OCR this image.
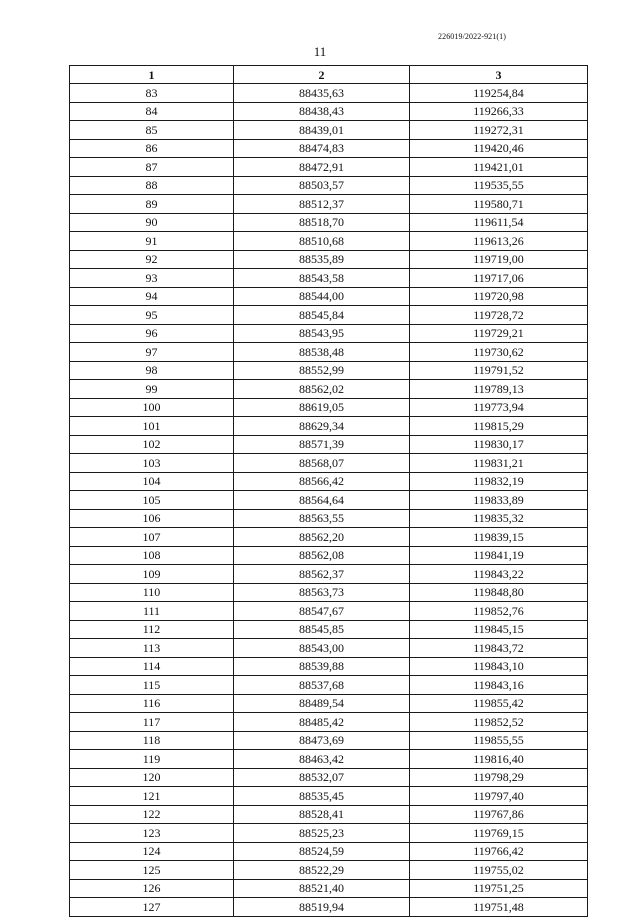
226019/2022-921(1)
11
1	2	3
83	88435,63	119254,84
84	88438,43	119266,33
85	88439,01	119272,31
86	88474,83	119420,46
87	88472,91	119421,01
88	88503,57	119535,55
89	88512,37	119580,71
90	88518,70	119611,54
91	88510,68	119613,26
92	88535,89	119719,00
93	88543,58	119717,06
94	88544,00	119720,98
95	88545,84	119728,72
96	88543,95	119729,21
97	88538,48	119730,62
98	88552,99	119791,52
99	88562,02	119789,13
100	88619,05	119773,94
101	88629,34	119815,29
102	88571,39	119830,17
103	88568,07	119831,21
104	88566,42	119832,19
105	88564,64	119833,89
106	88563,55	119835,32
107	88562,20	119839,15
108	88562,08	119841,19
109	88562,37	119843,22
110	88563,73	119848,80
111	88547,67	119852,76
112	88545,85	119845,15
113	88543,00	119843,72
114	88539,88	119843,10
115	88537,68	119843,16
116	88489,54	119855,42
117	88485,42	119852,52
118	88473,69	119855,55
119	88463,42	119816,40
120	88532,07	119798,29
121	88535,45	119797,40
122	88528,41	119767,86
123	88525,23	119769,15
124	88524,59	119766,42
125	88522,29	119755,02
126	88521,40	119751,25
127	88519,94	119751,48
